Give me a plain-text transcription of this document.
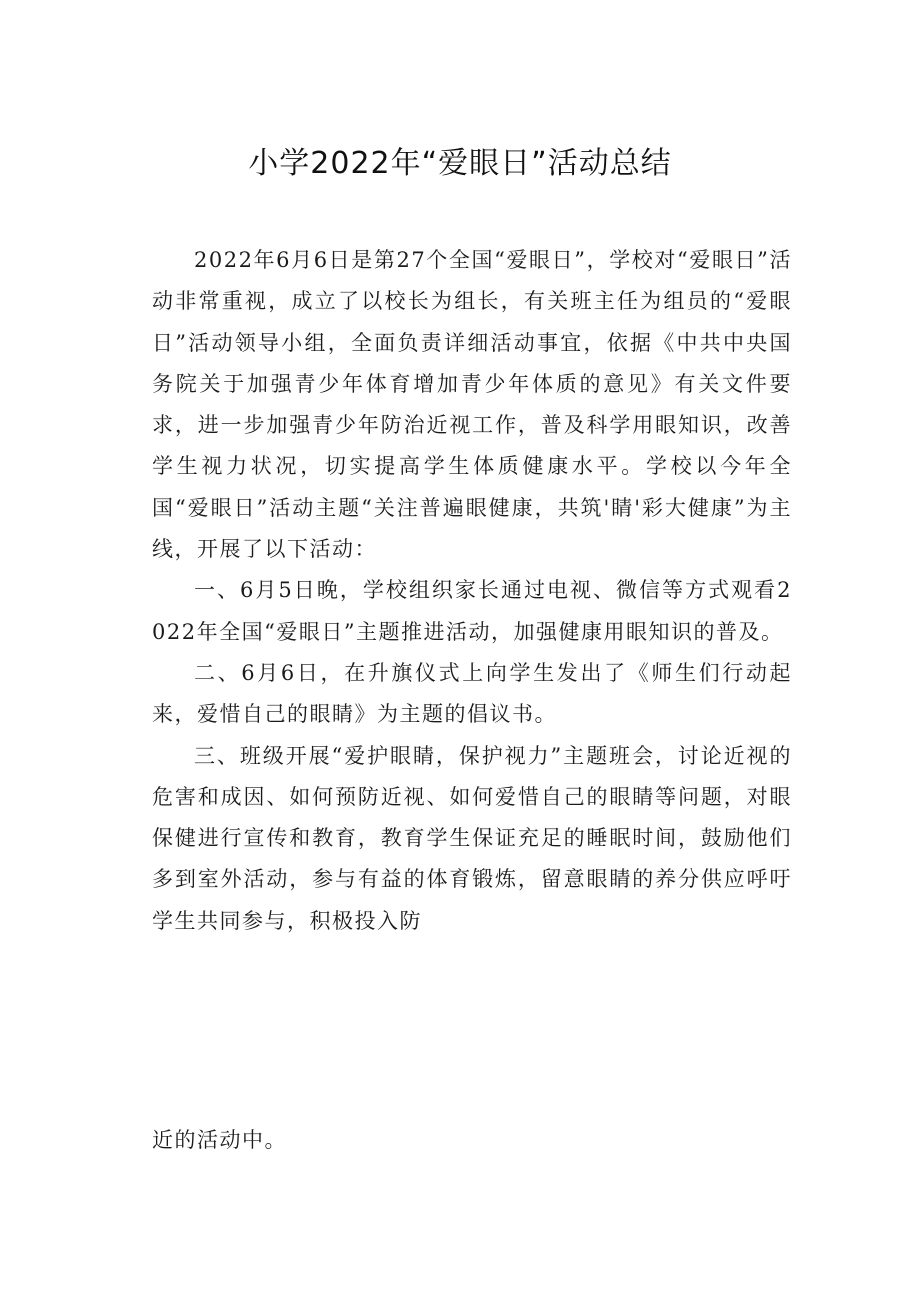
小学2022年“爱眼日”活动总结

2022年6月6日是第27个全国“爱眼日”，学校对“爱眼日”活动非常重视，成立了以校长为组长，有关班主任为组员的“爱眼日”活动领导小组，全面负责详细活动事宜，依据《中共中央国务院关于加强青少年体育增加青少年体质的意见》有关文件要求，进一步加强青少年防治近视工作，普及科学用眼知识，改善学生视力状况，切实提高学生体质健康水平。学校以今年全国“爱眼日”活动主题“关注普遍眼健康，共筑'睛'彩大健康”为主线，开展了以下活动：

一、6月5日晚，学校组织家长通过电视、微信等方式观看2022年全国“爱眼日”主题推进活动，加强健康用眼知识的普及。

二、6月6日，在升旗仪式上向学生发出了《师生们行动起来，爱惜自己的眼睛》为主题的倡议书。

三、班级开展“爱护眼睛，保护视力”主题班会，讨论近视的危害和成因、如何预防近视、如何爱惜自己的眼睛等问题，对眼保健进行宣传和教育，教育学生保证充足的睡眠时间，鼓励他们多到室外活动，参与有益的体育锻炼，留意眼睛的养分供应呼吁学生共同参与，积极投入防

近的活动中。
